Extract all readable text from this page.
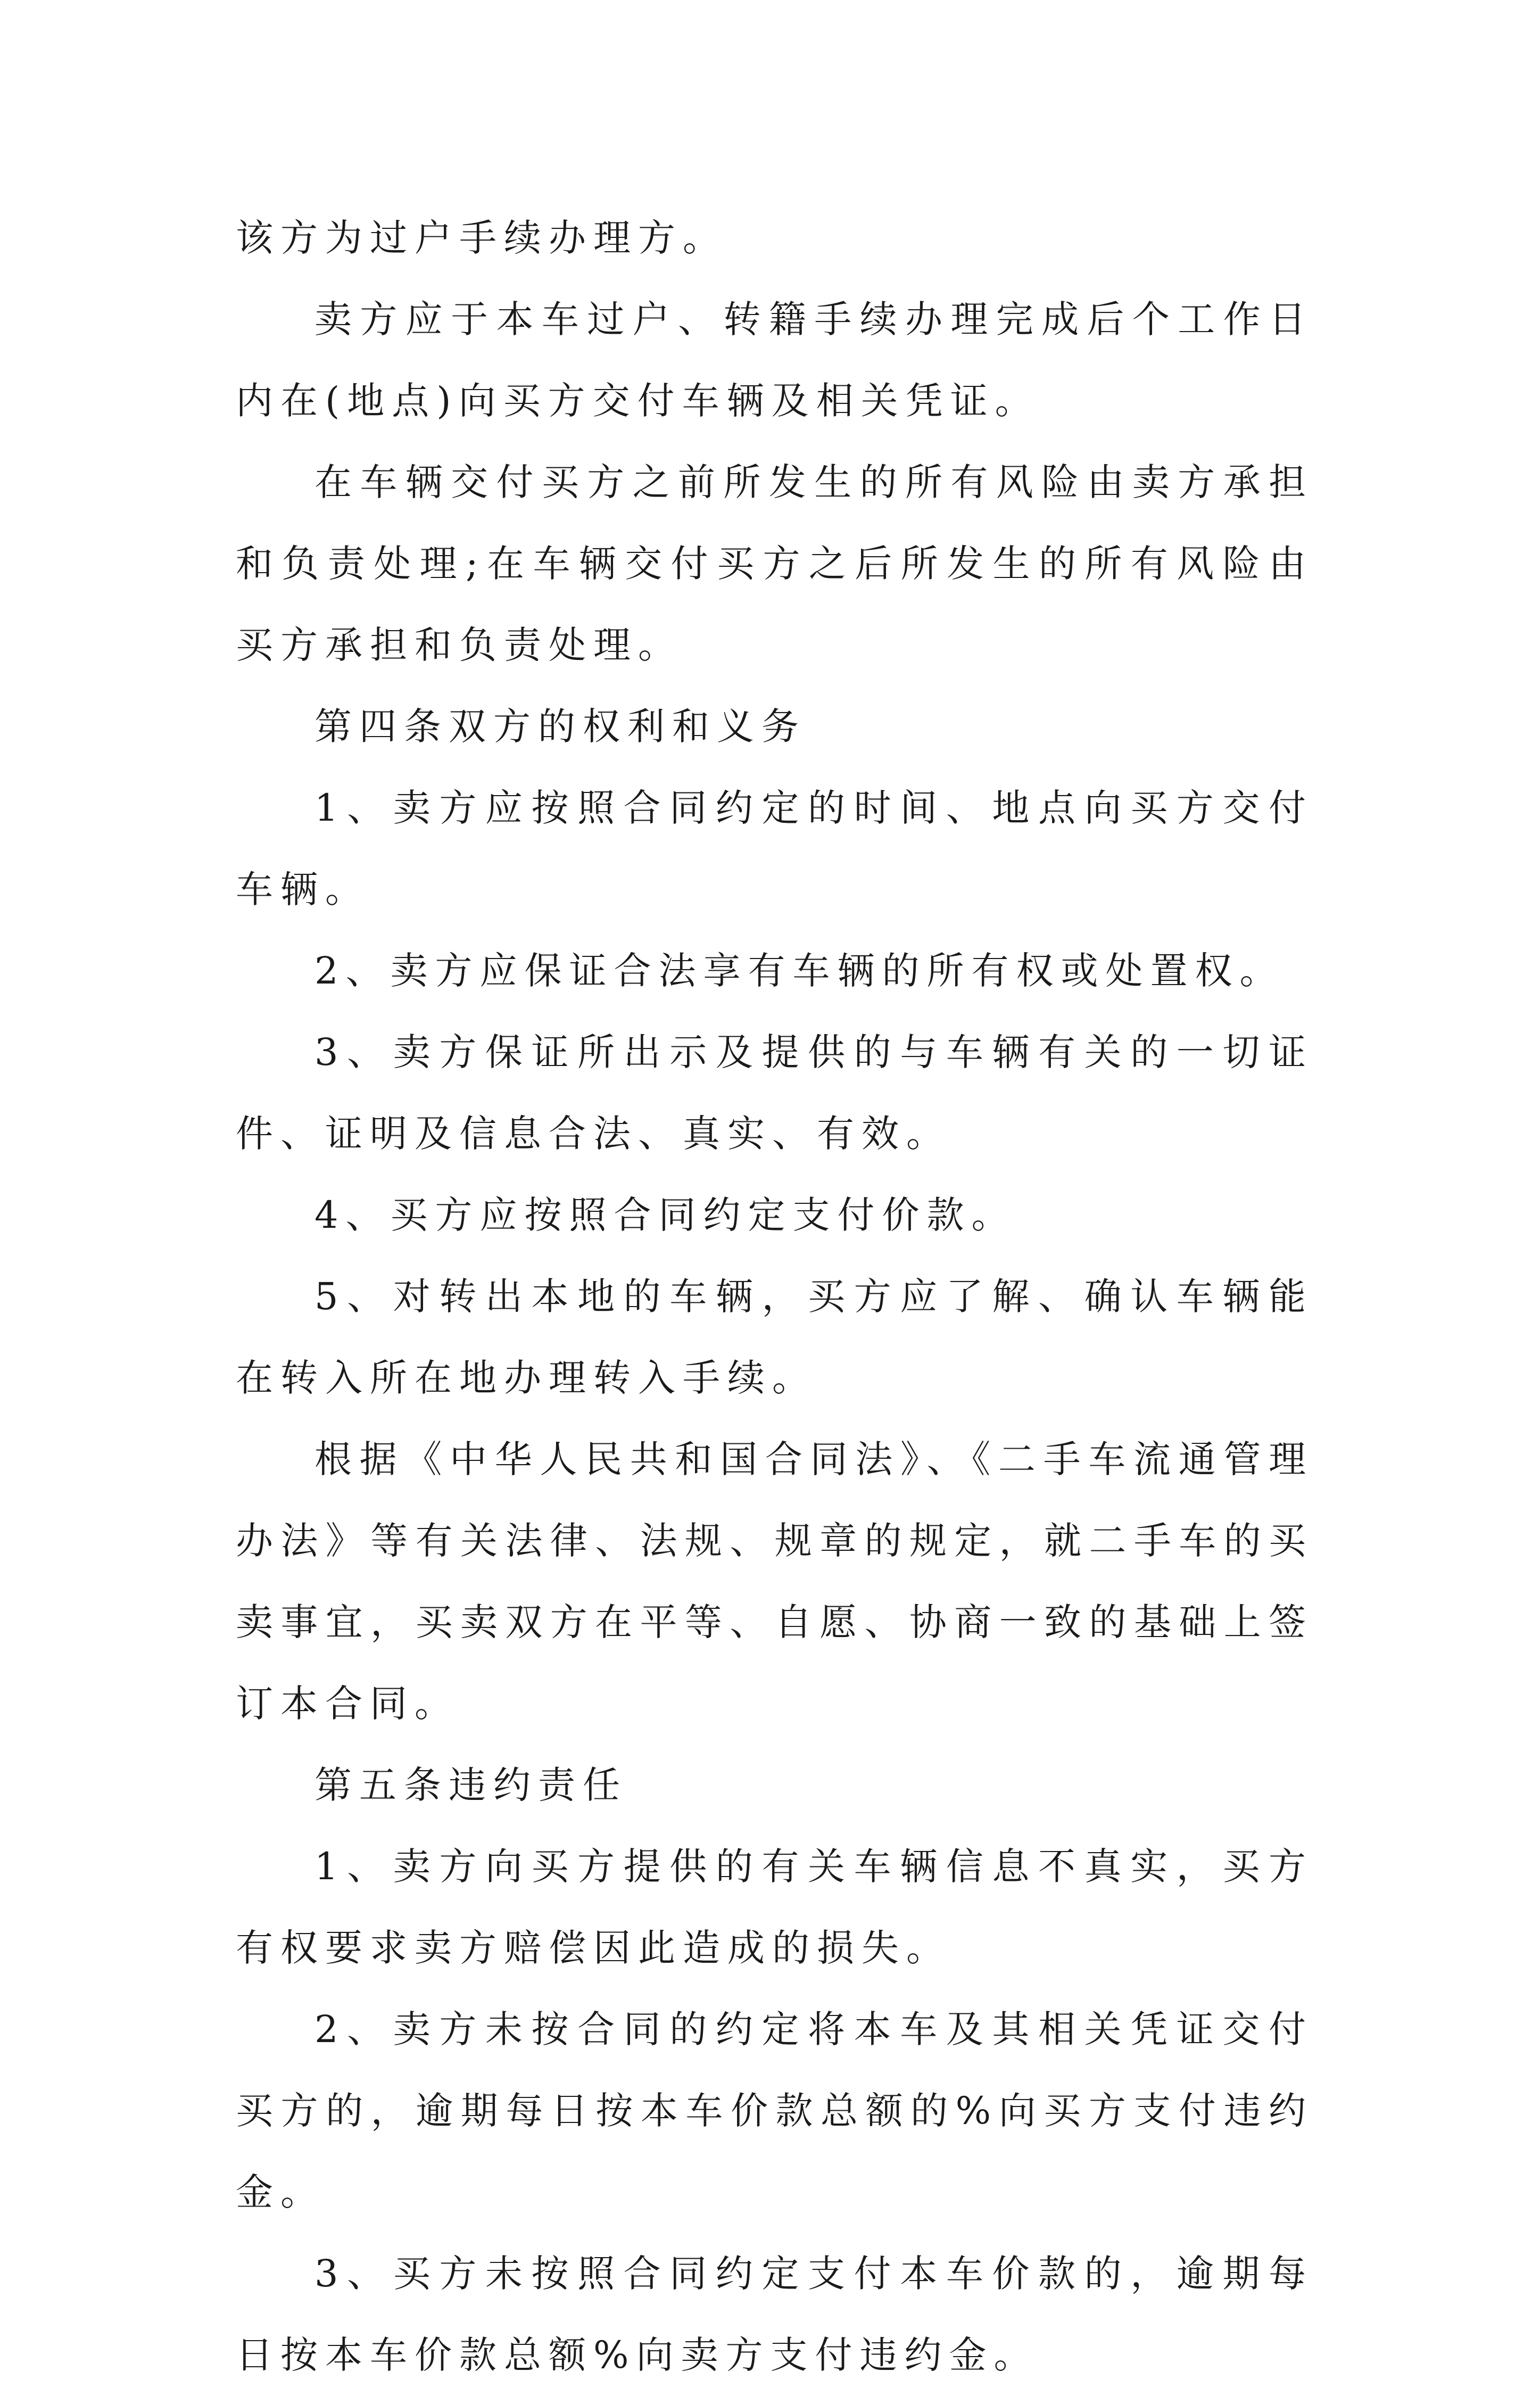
该方为过户手续办理方。

卖方应于本车过户、转籍手续办理完成后个工作日内在(地点)向买方交付车辆及相关凭证。

在车辆交付买方之前所发生的所有风险由卖方承担和负责处理;在车辆交付买方之后所发生的所有风险由买方承担和负责处理。

第四条双方的权利和义务

1、卖方应按照合同约定的时间、地点向买方交付车辆。

2、卖方应保证合法享有车辆的所有权或处置权。

3、卖方保证所出示及提供的与车辆有关的一切证件、证明及信息合法、真实、有效。

4、买方应按照合同约定支付价款。

5、对转出本地的车辆，买方应了解、确认车辆能在转入所在地办理转入手续。

根据《中华人民共和国合同法》、《二手车流通管理办法》等有关法律、法规、规章的规定，就二手车的买卖事宜，买卖双方在平等、自愿、协商一致的基础上签订本合同。

第五条违约责任

1、卖方向买方提供的有关车辆信息不真实，买方有权要求卖方赔偿因此造成的损失。

2、卖方未按合同的约定将本车及其相关凭证交付买方的，逾期每日按本车价款总额的%向买方支付违约金。

3、买方未按照合同约定支付本车价款的，逾期每日按本车价款总额%向卖方支付违约金。
